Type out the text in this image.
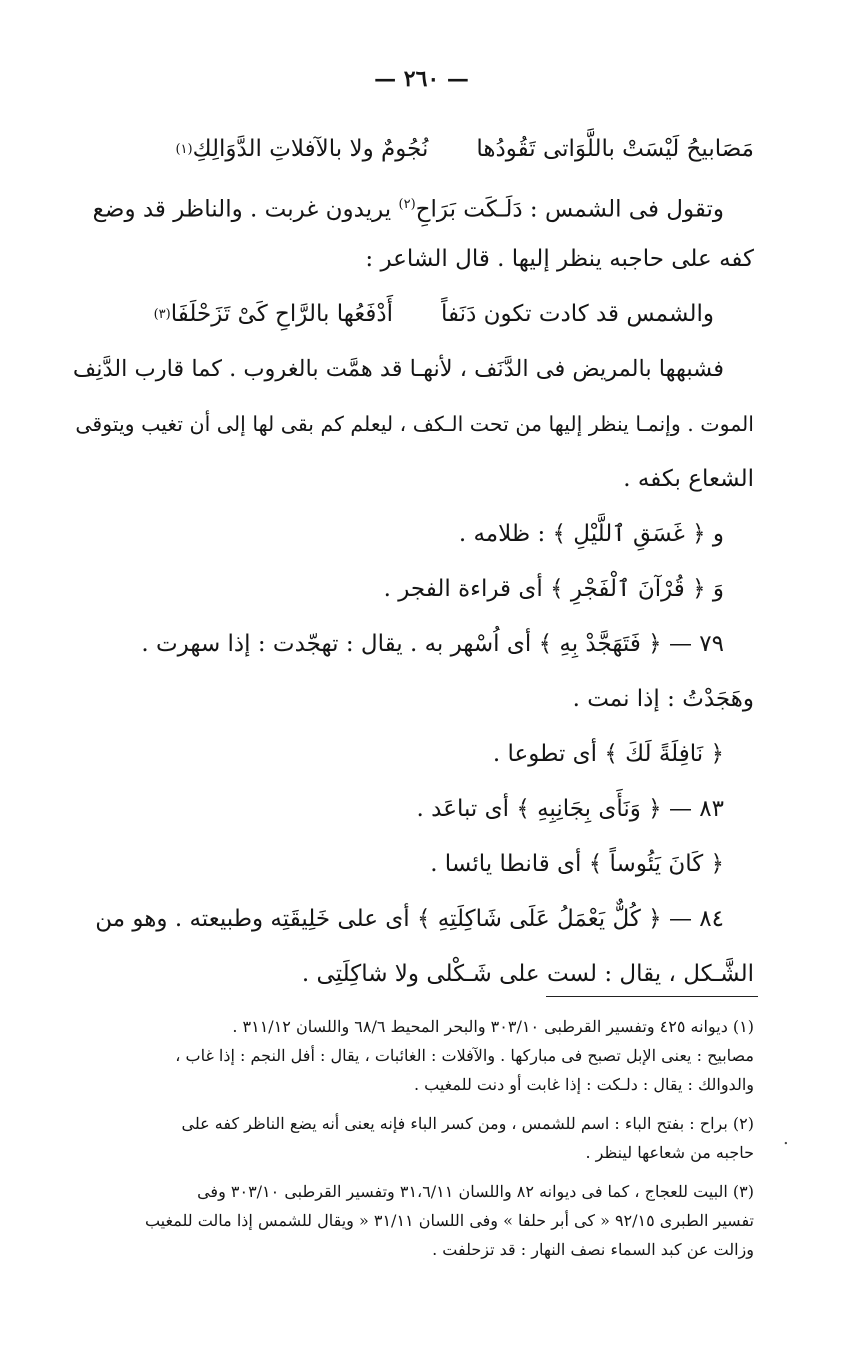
— ٢٦٠ —
مَصَابيحُ لَيْسَتْ باللَّوَاتى تَقُودُها
نُجُومٌ ولا بالآفلاتِ الدَّوَالِكِ
(١)
وتقول فى الشمس : دَلَـكَت بَرَاحِ$^{(٢)}$ يريدون غربت . والناظر قد وضع
كفه على حاجبه ينظر إليها . قال الشاعر :
والشمس قد كادت تكون دَنَفاً
أَدْفَعُها بالرَّاحِ كَىْ تَزَحْلَفَا
(٣)
فشبهها بالمريض فى الدَّنَف ، لأنهـا قد همَّت بالغروب . كما قارب الدَّنِف
الموت . وإنمـا ينظر إليها من تحت الـكف ، ليعلم كم بقى لها إلى أن تغيب ويتوقى
الشعاع بكفه .
و ﴿ غَسَقِ ٱللَّيْلِ ﴾ : ظلامه .
وَ ﴿ قُرْآنَ ٱلْفَجْرِ ﴾ أى قراءة الفجر .
٧٩ — ﴿ فَتَهَجَّدْ بِهِ ﴾ أى اُسْهر به . يقال : تهجّدت : إذا سهرت .
وهَجَدْتُ : إذا نمت .
﴿ نَافِلَةً لَكَ ﴾ أى تطوعا .
٨٣ — ﴿ وَنَأَى بِجَانِبِهِ ﴾ أى تباعَد .
﴿ كَانَ يَئُوساً ﴾ أى قانطا يائسا .
٨٤ — ﴿ كُلٌّ يَعْمَلُ عَلَى شَاكِلَتِهِ ﴾ أى على خَلِيقَتِه وطبيعته . وهو من
الشَّـكل ، يقال : لست على شَـكْلى ولا شاكِلَتِى .
(١) ديوانه ٤٢٥ وتفسير القرطبى ٣٠٣/١٠ والبحر المحيط ٦٨/٦ واللسان ٣١١/١٢ .
مصابيح : يعنى الإبل تصبح فى مباركها . والآفلات : الغائبات ، يقال : أفل النجم : إذا غاب ،
والدوالك : يقال : دلـكت : إذا غابت أو دنت للمغيب .
(٢) براح : بفتح الباء : اسم للشمس ، ومن كسر الباء فإنه يعنى أنه يضع الناظر كفه على
حاجبه من شعاعها لينظر .
(٣) البيت للعجاج ، كما فى ديوانه ٨٢ واللسان ٣١،٦/١١ وتفسير القرطبى ٣٠٣/١٠ وفى
تفسير الطبرى ٩٢/١٥ « كى أبر حلفا » وفى اللسان ٣١/١١ « ويقال للشمس إذا مالت للمغيب
وزالت عن كبد السماء نصف النهار : قد تزحلفت .
.
